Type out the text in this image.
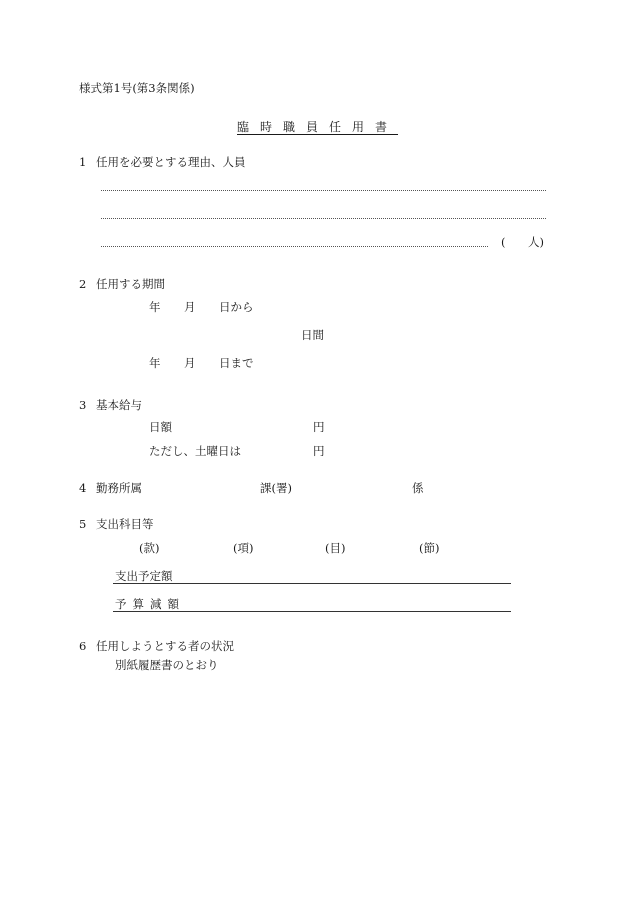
様式第1号(第3条関係)
臨時職員任用書
1 任用を必要とする理由、人員
( 人)
2 任用する期間
年 月 日から
日間
年 月 日まで
3 基本給与
日額	円
ただし、土曜日は	円
4 勤務所属	課(署)	係
5 支出科目等
(款)	(項)	(目)	(節)
支出予定額
予算減額
6 任用しようとする者の状況
別紙履歴書のとおり
